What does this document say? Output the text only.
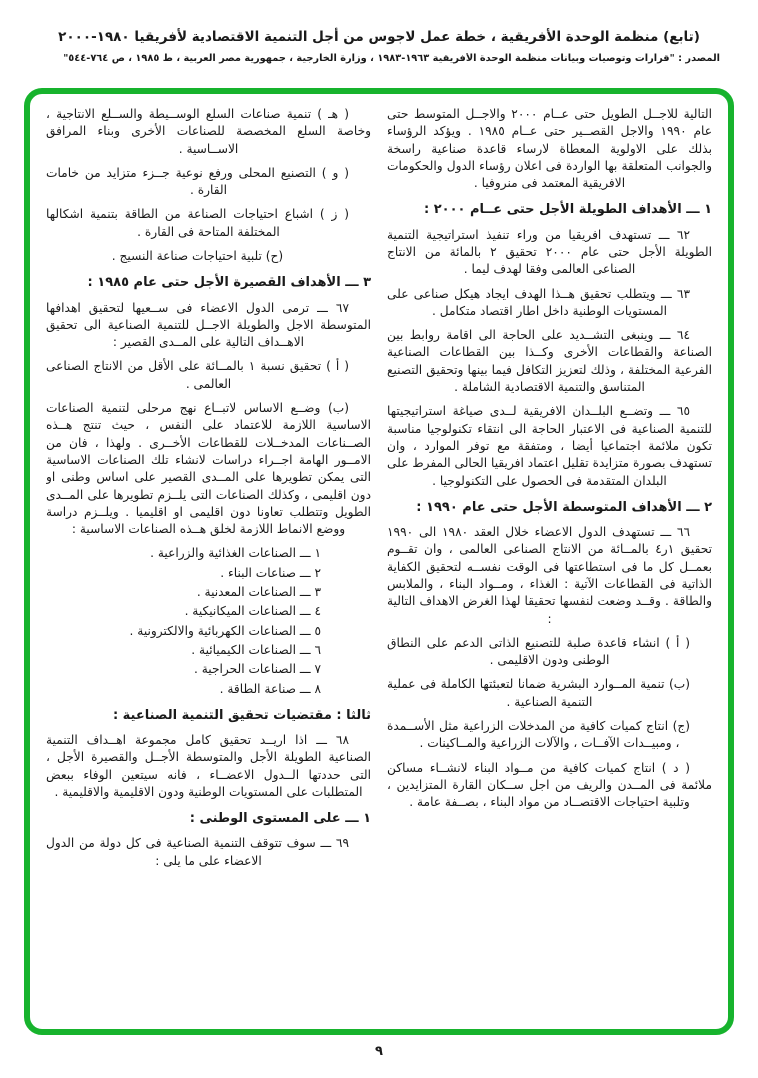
(تابع) منظمة الوحدة الأفريقية ، خطة عمل لاجوس من أجل التنمية الاقتصادية لأفريقيا ١٩٨٠-٢٠٠٠
المصدر : "قرارات وتوصيات وبيانات منظمة الوحدة الأفريقية ١٩٦٣-١٩٨٣ ، وزارة الخارجية ، جمهورية مصر العربية ، ط ١٩٨٥ ، ص ٧٦٤-٥٤٤"
التالية للاجــل الطويل حتى عــام ٢٠٠٠ والاجــل المتوسط حتى عام ١٩٩٠ والاجل القصــير حتى عــام ١٩٨٥ . ويؤكد الرؤساء بذلك على الاولوية المعطاة لارساء قاعدة صناعية راسخة والجوانب المتعلقة بها الواردة فى اعلان رؤساء الدول والحكومات الافريقية المعتمد فى منروفيا .
١ ـــ الأهداف الطويلة الأجل حتى عــام ٢٠٠٠ :
٦٢ ـــ تستهدف افريقيا من وراء تنفيذ استراتيجية التنمية الطويلة الأجل حتى عام ٢٠٠٠ تحقيق ٢ بالمائة من الانتاج الصناعى العالمى وفقا لهدف ليما .
٦٣ ـــ ويتطلب تحقيق هــذا الهدف ايجاد هيكل صناعى على المستويات الوطنية داخل اطار اقتصاد متكامل .
٦٤ ـــ وينبغى التشــديد على الحاجة الى اقامة روابط بين الصناعة والقطاعات الأخرى وكــذا بين القطاعات الصناعية الفرعية المختلفة ، وذلك لتعزيز التكافل فيما بينها وتحقيق التصنيع المتناسق والتنمية الاقتصادية الشاملة .
٦٥ ـــ وتضــع البلــدان الافريقية لــدى صياغة استراتيجيتها للتنمية الصناعية فى الاعتبار الحاجة الى انتقاء تكنولوجيا مناسبة تكون ملائمة اجتماعيا أيضا ، ومتفقة مع توفر الموارد ، وان تستهدف بصورة متزايدة تقليل اعتماد افريقيا الحالى المفرط على البلدان المتقدمة فى الحصول على التكنولوجيا .
٢ ـــ الأهداف المتوسطة الأجل حتى عام ١٩٩٠ :
٦٦ ـــ تستهدف الدول الاعضاء خلال العقد ١٩٨٠ الى ١٩٩٠ تحقيق ١ر٤ بالمــائة من الانتاج الصناعى العالمى ، وان تقــوم بعمــل كل ما فى استطاعتها فى الوقت نفســه لتحقيق الكفاية الذاتية فى القطاعات الآتية : الغذاء ، ومــواد البناء ، والملابس والطاقة . وقــد وضعت لنفسها تحقيقا لهذا الغرض الاهداف التالية :
( أ ) انشاء قاعدة صلبة للتصنيع الذاتى الدعم على النطاق الوطنى ودون الاقليمى .
(ب) تنمية المــوارد البشرية ضمانا لتعبئتها الكاملة فى عملية التنمية الصناعية .
(ج) انتاج كميات كافية من المدخلات الزراعية مثل الأســمدة ، ومبيــدات الآفــات ، والآلات الزراعية والمــاكينات .
( د ) انتاج كميات كافية من مــواد البناء لانشــاء مساكن ملائمة فى المــدن والريف من اجل ســكان القارة المتزايدين ، وتلبية احتياجات الاقتصــاد من مواد البناء ، بصــفة عامة .
( هـ ) تنمية صناعات السلع الوســيطة والســلع الانتاجية ، وخاصة السلع المخصصة للصناعات الأخرى وبناء المرافق الاســاسية .
( و ) التصنيع المحلى ورفع نوعية جــزء متزايد من خامات القارة .
( ز ) اشباع احتياجات الصناعة من الطاقة بتنمية اشكالها المختلفة المتاحة فى القارة .
(ح) تلبية احتياجات صناعة النسيج .
٣ ـــ الأهداف القصيرة الأجل حتى عام ١٩٨٥ :
٦٧ ـــ ترمى الدول الاعضاء فى ســعيها لتحقيق اهدافها المتوسطة الاجل والطويلة الاجــل للتنمية الصناعية الى تحقيق الاهــداف التالية على المــدى القصير :
( أ ) تحقيق نسبة ١ بالمــائة على الأقل من الانتاج الصناعى العالمى .
(ب) وضــع الاساس لاتبــاع نهج مرحلى لتنمية الصناعات الاساسية اللازمة للاعتماد على النفس ، حيث تنتج هــذه الصــناعات المدخــلات للقطاعات الأخــرى . ولهذا ، فان من الامــور الهامة اجــراء دراسات لانشاء تلك الصناعات الاساسية التى يمكن تطويرها على المــدى القصير على اساس وطنى او دون اقليمى ، وكذلك الصناعات التى يلــزم تطويرها على المــدى الطويل وتتطلب تعاونا دون اقليمى او اقليميا . ويلــزم دراسة ووضع الانماط اللازمة لخلق هــذه الصناعات الاساسية :
١ ـــ الصناعات الغذائية والزراعية .
٢ ـــ صناعات البناء .
٣ ـــ الصناعات المعدنية .
٤ ـــ الصناعات الميكانيكية .
٥ ـــ الصناعات الكهربائية والالكترونية .
٦ ـــ الصناعات الكيميائية .
٧ ـــ الصناعات الحراجية .
٨ ـــ صناعة الطاقة .
ثالثا : مقتضيات تحقيق التنمية الصناعية :
٦٨ ـــ اذا اريــد تحقيق كامل مجموعة اهــداف التنمية الصناعية الطويلة الأجل والمتوسطة الأجــل والقصيرة الأجل ، التى حددتها الــدول الاعضــاء ، فانه سيتعين الوفاء ببعض المتطلبات على المستويات الوطنية ودون الاقليمية والاقليمية .
١ ـــ على المستوى الوطنى :
٦٩ ـــ سوف تتوقف التنمية الصناعية فى كل دولة من الدول الاعضاء على ما يلى :
٩
